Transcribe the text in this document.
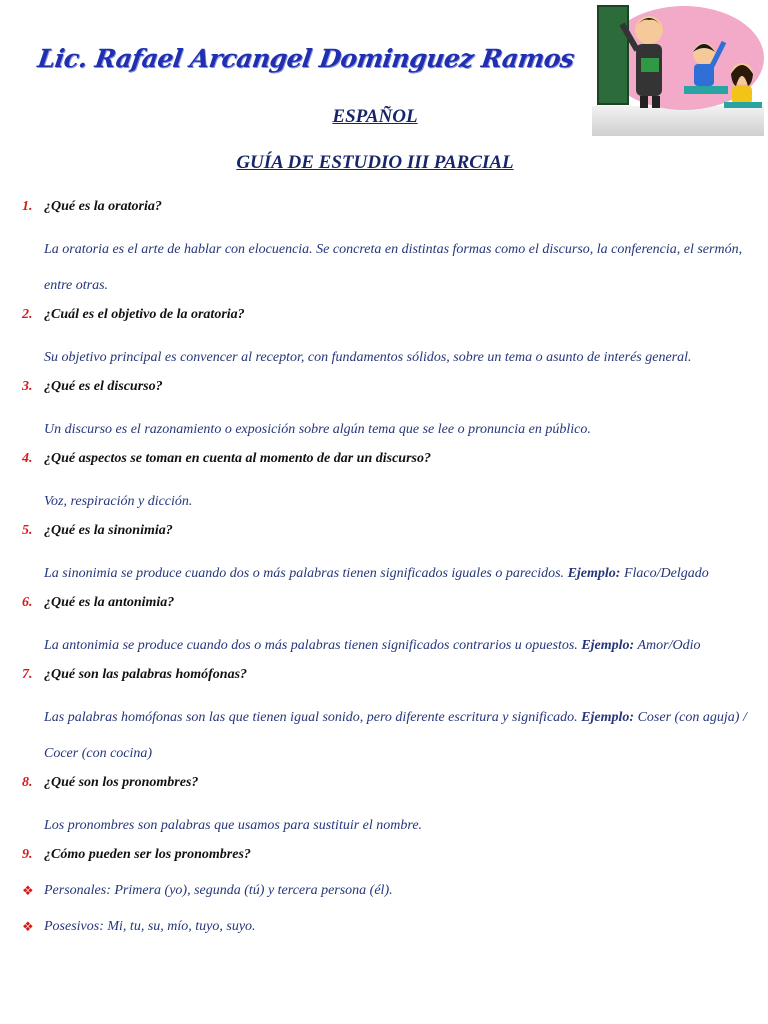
Lic. Rafael Arcangel Dominguez Ramos
ESPAÑOL
GUÍA DE ESTUDIO III PARCIAL
1. ¿Qué es la oratoria?
La oratoria es el arte de hablar con elocuencia. Se concreta en distintas formas como el discurso, la conferencia, el sermón, entre otras.
2. ¿Cuál es el objetivo de la oratoria?
Su objetivo principal es convencer al receptor, con fundamentos sólidos, sobre un tema o asunto de interés general.
3. ¿Qué es el discurso?
Un discurso es el razonamiento o exposición sobre algún tema que se lee o pronuncia en público.
4. ¿Qué aspectos se toman en cuenta al momento de dar un discurso?
Voz, respiración y dicción.
5. ¿Qué es la sinonimia?
La sinonimia se produce cuando dos o más palabras tienen significados iguales o parecidos. Ejemplo: Flaco/Delgado
6. ¿Qué es la antonimia?
La antonimia se produce cuando dos o más palabras tienen significados contrarios u opuestos. Ejemplo: Amor/Odio
7. ¿Qué son las palabras homófonas?
Las palabras homófonas son las que tienen igual sonido, pero diferente escritura y significado. Ejemplo: Coser (con aguja) / Cocer (con cocina)
8. ¿Qué son los pronombres?
Los pronombres son palabras que usamos para sustituir el nombre.
9. ¿Cómo pueden ser los pronombres?
❖ Personales: Primera (yo), segunda (tú) y tercera persona (él).
❖ Posesivos: Mi, tu, su, mío, tuyo, suyo.
